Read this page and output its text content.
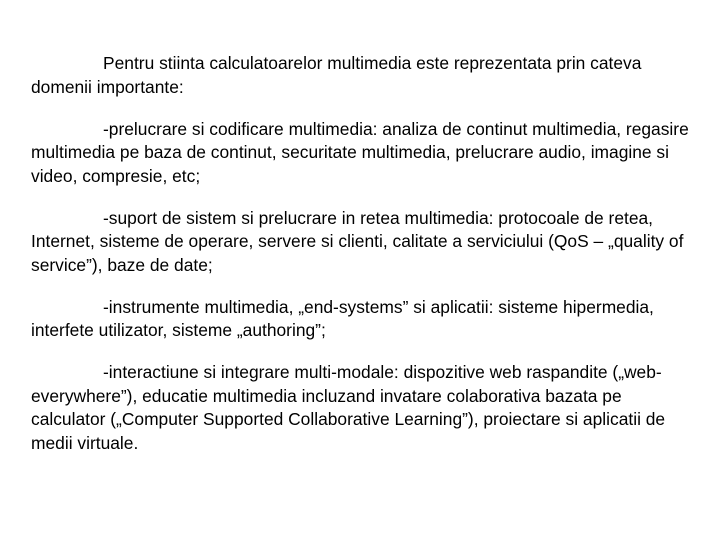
Pentru stiinta calculatoarelor multimedia este reprezentata prin cateva domenii importante:

-prelucrare si codificare multimedia: analiza de continut multimedia, regasire multimedia pe baza de continut, securitate multimedia, prelucrare audio, imagine si video, compresie, etc;

-suport de sistem si prelucrare in retea multimedia: protocoale de retea, Internet, sisteme de operare, servere si clienti, calitate a serviciului (QoS – „quality of service”), baze de date;

-instrumente multimedia, „end-systems” si aplicatii: sisteme hipermedia, interfete utilizator, sisteme „authoring”;

-interactiune si integrare multi-modale: dispozitive web raspandite („web-everywhere”), educatie multimedia incluzand invatare colaborativa bazata pe calculator („Computer Supported Collaborative Learning”), proiectare si aplicatii de medii virtuale.
